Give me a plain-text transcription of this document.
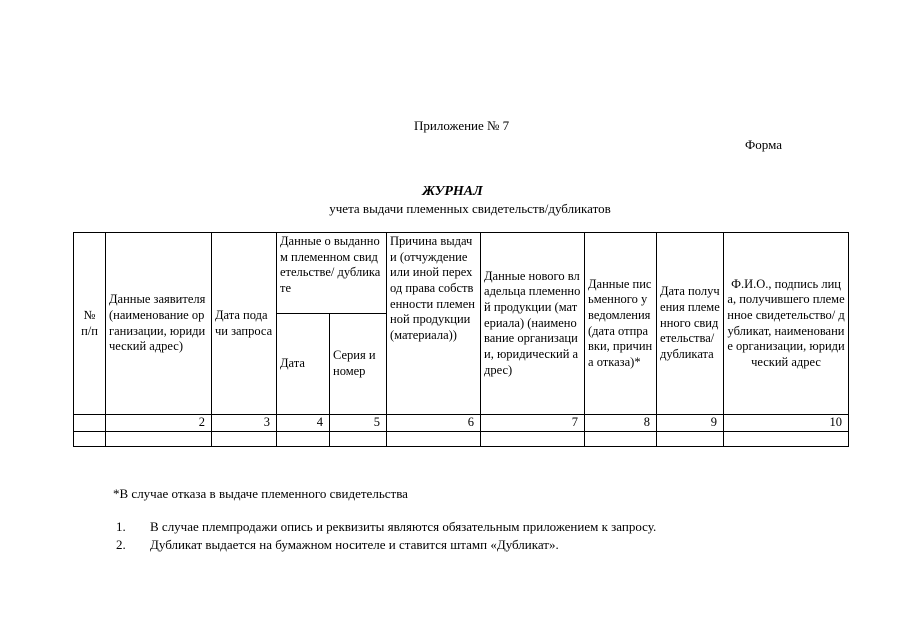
Приложение № 7
Форма
ЖУРНАЛ
учета выдачи племенных свидетельств/дубликатов
№ п/п	Данные заявителя (наименование организации, юридический адрес)	Дата подачи запроса	Данные о выданном племенном свидетельстве/ дубликате		Причина выдачи (отчуждение или иной переход права собственности племенной продукции (материала))	Данные нового владельца племенной продукции (материала) (наименование организации, юридический адрес)	Данные письменного уведомления (дата отправки, причина отказа)*	Дата получения племенного свидетельства/ дубликата	Ф.И.О., подпись лица, получившего племенное свидетельство/ дубликат, наименование организации, юридический адрес
			Дата	Серия и номер					
	2	3	4	5	6	7	8	9	10

*В случае отказа в выдаче племенного свидетельства
1. В случае племпродажи опись и реквизиты являются обязательным приложением к запросу.
2. Дубликат выдается на бумажном носителе и ставится штамп «Дубликат».
